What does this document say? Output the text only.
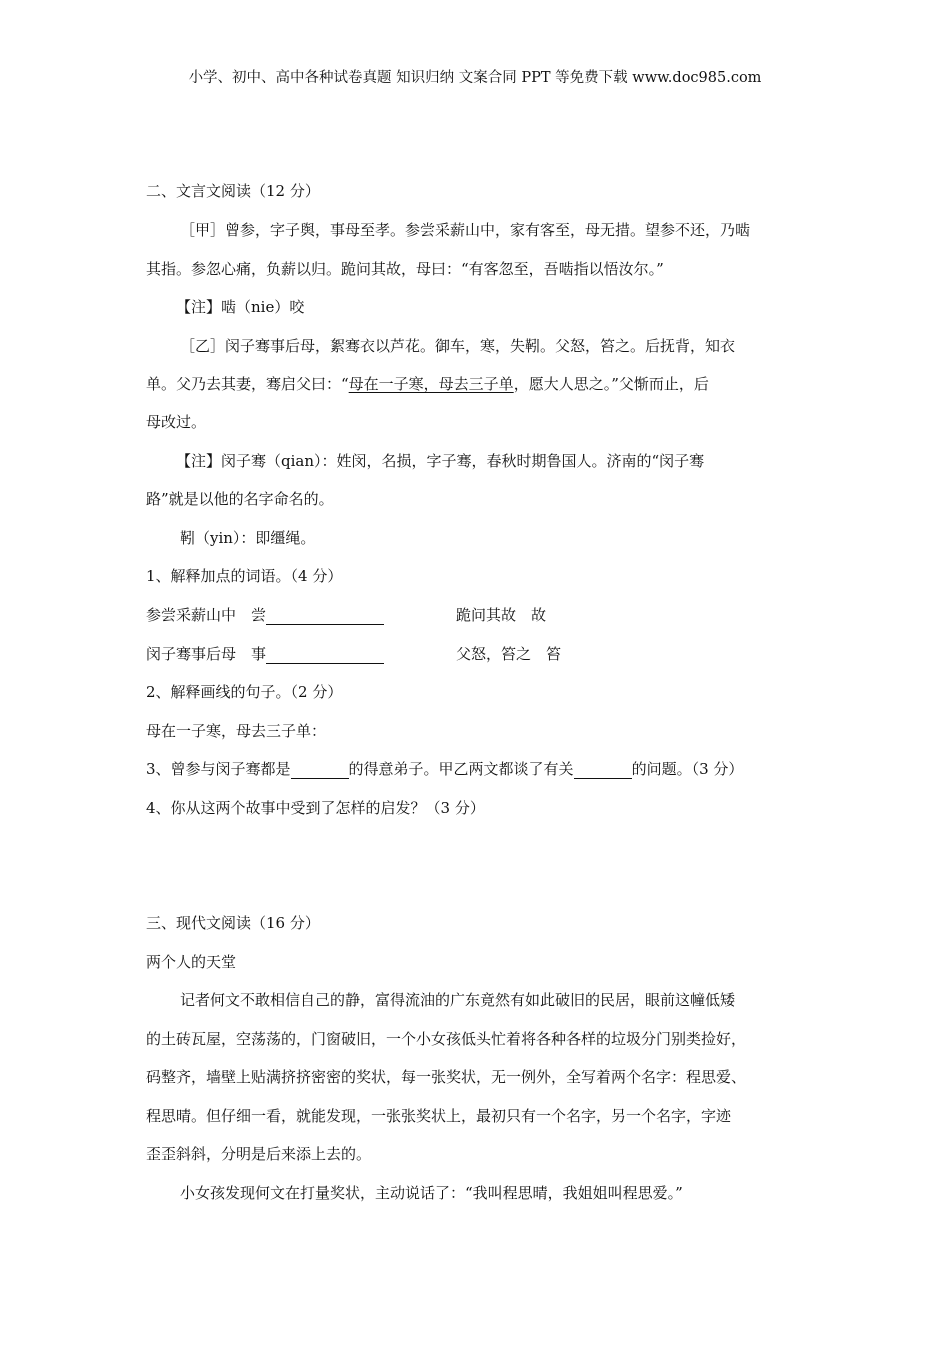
小学、初中、高中各种试卷真题 知识归纳 文案合同 PPT 等免费下载 www.doc985.com
二、文言文阅读（12 分）
［甲］曾参，字子舆，事母至孝。参尝采薪山中，家有客至，母无措。望参不还，乃啮
其指。参忽心痛，负薪以归。跪问其故，母曰：“有客忽至，吾啮指以悟汝尔。”
【注】啮（nie）咬
［乙］闵子骞事后母，絮骞衣以芦花。御车，寒，失靷。父怒，笞之。后抚背，知衣
单。父乃去其妻，骞启父曰：“母在一子寒，母去三子单，愿大人思之。”父惭而止，后
母改过。
【注】闵子骞（qian）：姓闵，名损，字子骞，春秋时期鲁国人。济南的“闵子骞
路”就是以他的名字命名的。
靷（yin）：即缰绳。
1、解释加点的词语。（4 分）
参尝采薪山中　尝	跪问其故　故
闵子骞事后母　事	父怒，笞之　笞
2、解释画线的句子。（2 分）
母在一子寒，母去三子单：
3、曾参与闵子骞都是	的得意弟子。甲乙两文都谈了有关	的问题。（3 分）
4、你从这两个故事中受到了怎样的启发？（3 分）
三、现代文阅读（16 分）
两个人的天堂
记者何文不敢相信自己的静，富得流油的广东竟然有如此破旧的民居，眼前这幢低矮
的土砖瓦屋，空荡荡的，门窗破旧，一个小女孩低头忙着将各种各样的垃圾分门别类捡好，
码整齐，墙壁上贴满挤挤密密的奖状，每一张奖状，无一例外，全写着两个名字：程思爱、
程思晴。但仔细一看，就能发现，一张张奖状上，最初只有一个名字，另一个名字，字迹
歪歪斜斜，分明是后来添上去的。
小女孩发现何文在打量奖状，主动说话了：“我叫程思晴，我姐姐叫程思爱。”
